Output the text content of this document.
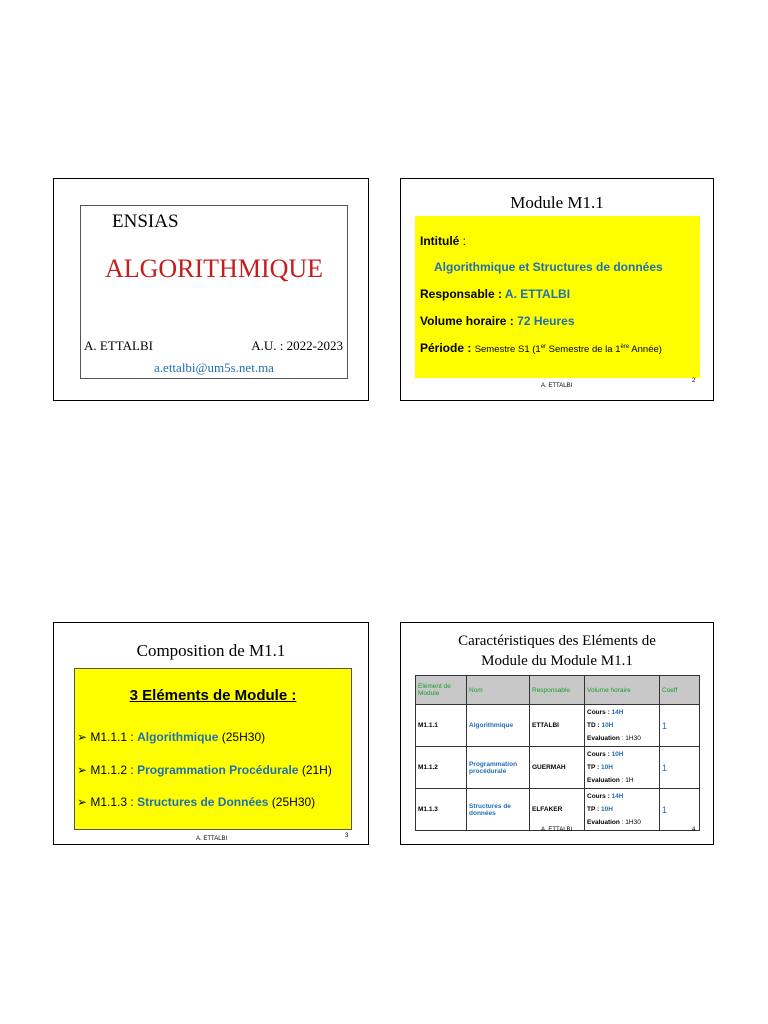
ENSIAS
ALGORITHMIQUE
A. ETTALBI	A.U. : 2022-2023
a.ettalbi@um5s.net.ma
Module M1.1
Intitulé :
Algorithmique et Structures de données
Responsable : A. ETTALBI
Volume horaire : 72 Heures
Période : Semestre S1 (1er Semestre de la 1ère Année)
A. ETTALBI
2
Composition de M1.1
3 Eléments de Module :
➢ M1.1.1 : Algorithmique (25H30)
➢ M1.1.2 : Programmation Procédurale (21H)
➢ M1.1.3 : Structures de Données (25H30)
A. ETTALBI	3
Caractéristiques des Eléments de
Module du Module M1.1
Elément de Module	Nom	Responsable	Volume horaire	Coeff
M1.1.1	Algorithmique	ETTALBI	Cours : 14H
TD : 10H
Evaluation : 1H30	1
M1.1.2	Programmation procédurale	GUERMAH	Cours : 10H
TP : 10H
Evaluation : 1H	1
M1.1.3	Structures de données	ELFAKER	Cours : 14H
TP : 10H
Evaluation : 1H30	1
A. ETTALBI	4
